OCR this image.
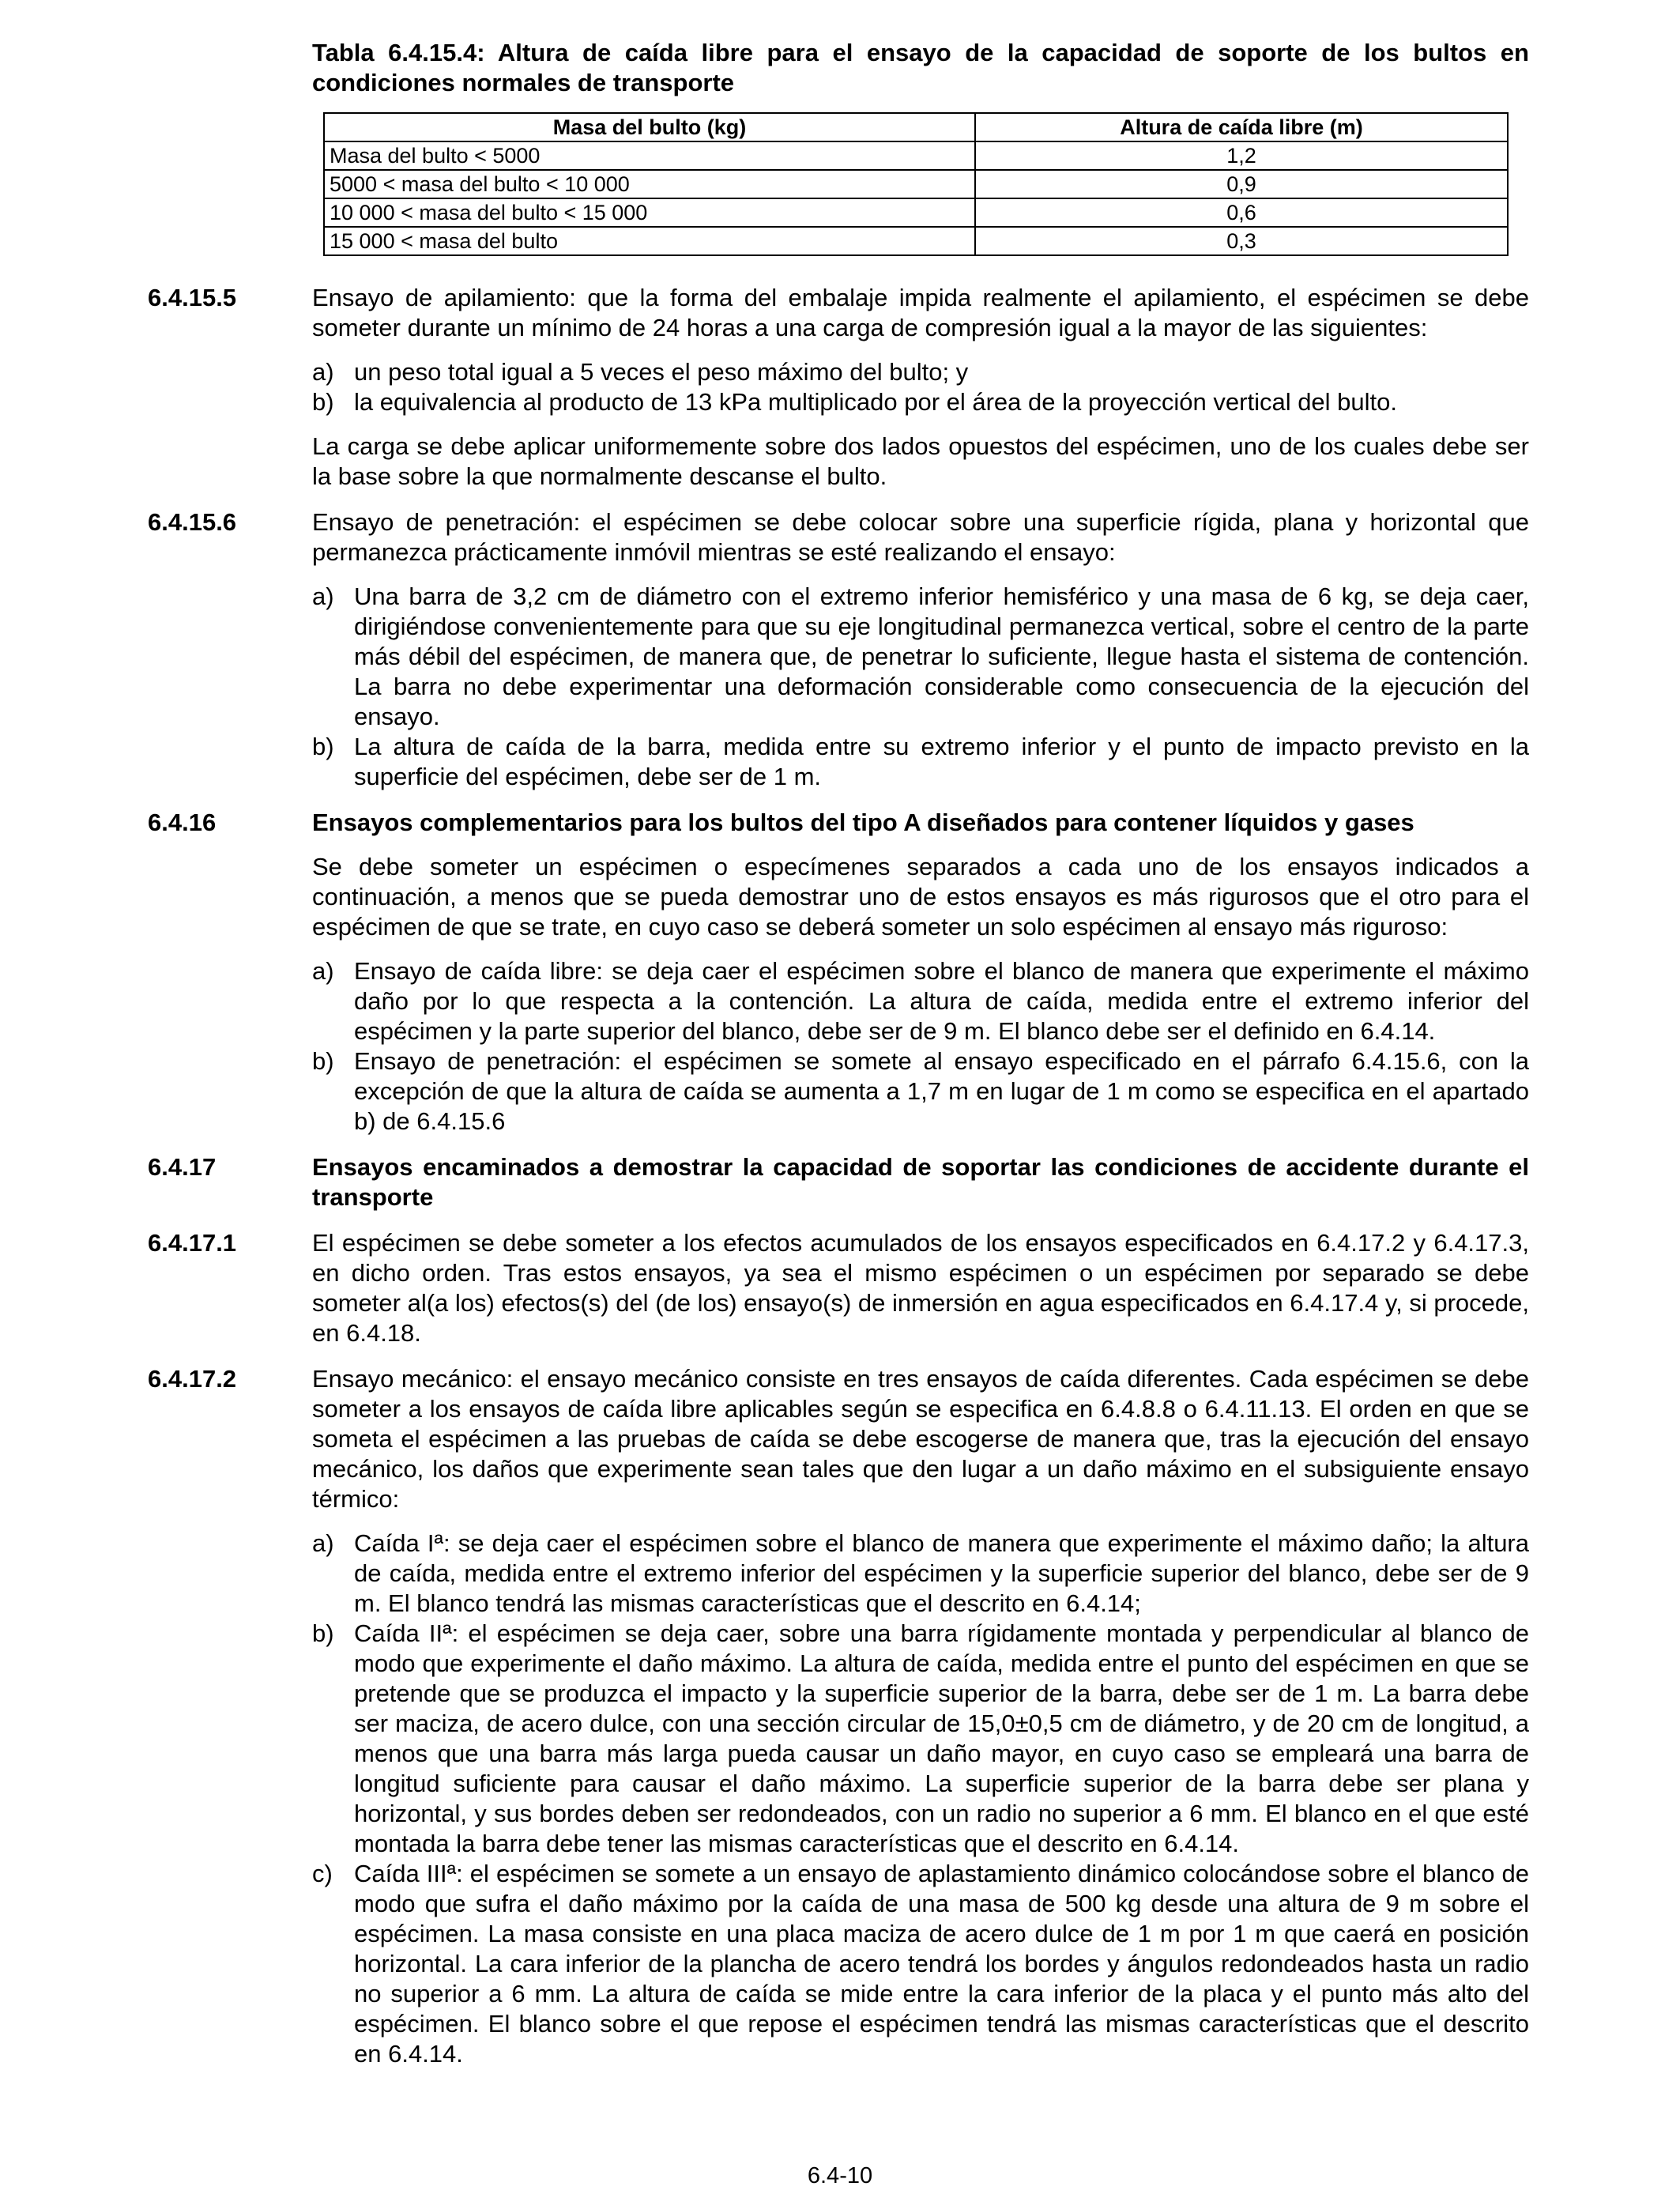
Tabla 6.4.15.4: Altura de caída libre para el ensayo de la capacidad de soporte de los bultos en condiciones normales de transporte
Masa del bulto (kg)	Altura de caída libre (m)
Masa del bulto < 5000	1,2
5000 < masa del bulto < 10 000	0,9
10 000 < masa del bulto < 15 000	0,6
15 000 < masa del bulto	0,3
6.4.15.5	Ensayo de apilamiento: que la forma del embalaje impida realmente el apilamiento, el espécimen se debe someter durante un mínimo de 24 horas a una carga de compresión igual a la mayor de las siguientes:
a) un peso total igual a 5 veces el peso máximo del bulto; y
b) la equivalencia al producto de 13 kPa multiplicado por el área de la proyección vertical del bulto.
La carga se debe aplicar uniformemente sobre dos lados opuestos del espécimen, uno de los cuales debe ser la base sobre la que normalmente descanse el bulto.
6.4.15.6	Ensayo de penetración: el espécimen se debe colocar sobre una superficie rígida, plana y horizontal que permanezca prácticamente inmóvil mientras se esté realizando el ensayo:
a) Una barra de 3,2 cm de diámetro con el extremo inferior hemisférico y una masa de 6 kg, se deja caer, dirigiéndose convenientemente para que su eje longitudinal permanezca vertical, sobre el centro de la parte más débil del espécimen, de manera que, de penetrar lo suficiente, llegue hasta el sistema de contención. La barra no debe experimentar una deformación considerable como consecuencia de la ejecución del ensayo.
b) La altura de caída de la barra, medida entre su extremo inferior y el punto de impacto previsto en la superficie del espécimen, debe ser de 1 m.
6.4.16	Ensayos complementarios para los bultos del tipo A diseñados para contener líquidos y gases
Se debe someter un espécimen o especímenes separados a cada uno de los ensayos indicados a continuación, a menos que se pueda demostrar uno de estos ensayos es más rigurosos que el otro para el espécimen de que se trate, en cuyo caso se deberá someter un solo espécimen al ensayo más riguroso:
a) Ensayo de caída libre: se deja caer el espécimen sobre el blanco de manera que experimente el máximo daño por lo que respecta a la contención. La altura de caída, medida entre el extremo inferior del espécimen y la parte superior del blanco, debe ser de 9 m. El blanco debe ser el definido en 6.4.14.
b) Ensayo de penetración: el espécimen se somete al ensayo especificado en el párrafo 6.4.15.6, con la excepción de que la altura de caída se aumenta a 1,7 m en lugar de 1 m como se especifica en el apartado b) de 6.4.15.6
6.4.17	Ensayos encaminados a demostrar la capacidad de soportar las condiciones de accidente durante el transporte
6.4.17.1	El espécimen se debe someter a los efectos acumulados de los ensayos especificados en 6.4.17.2 y 6.4.17.3, en dicho orden. Tras estos ensayos, ya sea el mismo espécimen o un espécimen por separado se debe someter al(a los) efectos(s) del (de los) ensayo(s) de inmersión en agua especificados en 6.4.17.4 y, si procede, en 6.4.18.
6.4.17.2	Ensayo mecánico: el ensayo mecánico consiste en tres ensayos de caída diferentes. Cada espécimen se debe someter a los ensayos de caída libre aplicables según se especifica en 6.4.8.8 o 6.4.11.13. El orden en que se someta el espécimen a las pruebas de caída se debe escogerse de manera que, tras la ejecución del ensayo mecánico, los daños que experimente sean tales que den lugar a un daño máximo en el subsiguiente ensayo térmico:
a) Caída Iª: se deja caer el espécimen sobre el blanco de manera que experimente el máximo daño; la altura de caída, medida entre el extremo inferior del espécimen y la superficie superior del blanco, debe ser de 9 m. El blanco tendrá las mismas características que el descrito en 6.4.14;
b) Caída IIª: el espécimen se deja caer, sobre una barra rígidamente montada y perpendicular al blanco de modo que experimente el daño máximo. La altura de caída, medida entre el punto del espécimen en que se pretende que se produzca el impacto y la superficie superior de la barra, debe ser de 1 m. La barra debe ser maciza, de acero dulce, con una sección circular de 15,0±0,5 cm de diámetro, y de 20 cm de longitud, a menos que una barra más larga pueda causar un daño mayor, en cuyo caso se empleará una barra de longitud suficiente para causar el daño máximo. La superficie superior de la barra debe ser plana y horizontal, y sus bordes deben ser redondeados, con un radio no superior a 6 mm. El blanco en el que esté montada la barra debe tener las mismas características que el descrito en 6.4.14.
c) Caída IIIª: el espécimen se somete a un ensayo de aplastamiento dinámico colocándose sobre el blanco de modo que sufra el daño máximo por la caída de una masa de 500 kg desde una altura de 9 m sobre el espécimen. La masa consiste en una placa maciza de acero dulce de 1 m por 1 m que caerá en posición horizontal. La cara inferior de la plancha de acero tendrá los bordes y ángulos redondeados hasta un radio no superior a 6 mm. La altura de caída se mide entre la cara inferior de la placa y el punto más alto del espécimen. El blanco sobre el que repose el espécimen tendrá las mismas características que el descrito en 6.4.14.
6.4-10
